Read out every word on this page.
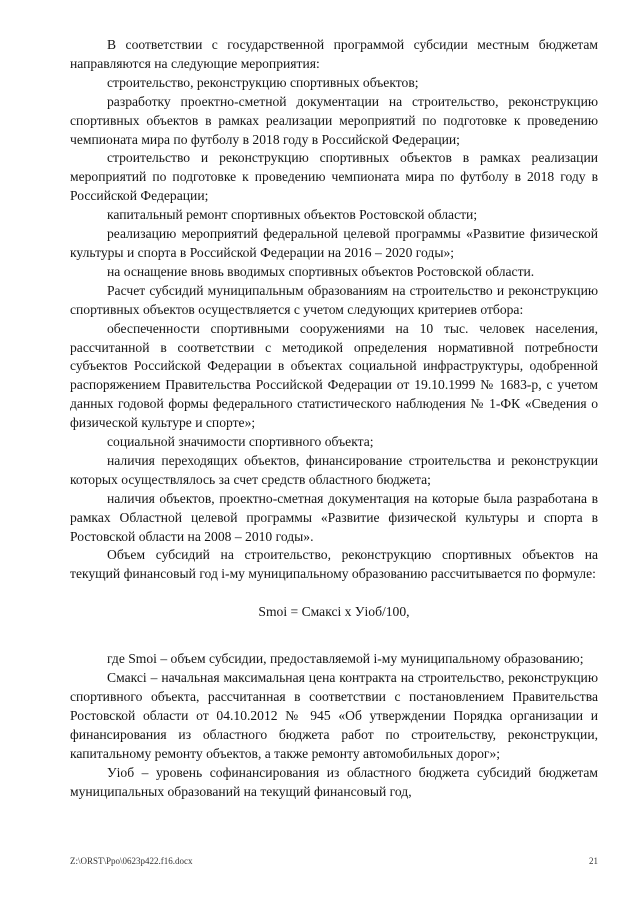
В соответствии с государственной программой субсидии местным бюджетам направляются на следующие мероприятия:

строительство, реконструкцию спортивных объектов;

разработку проектно-сметной документации на строительство, реконструкцию спортивных объектов в рамках реализации мероприятий по подготовке к проведению чемпионата мира по футболу в 2018 году в Российской Федерации;

строительство и реконструкцию спортивных объектов в рамках реализации мероприятий по подготовке к проведению чемпионата мира по футболу в 2018 году в Российской Федерации;

капитальный ремонт спортивных объектов Ростовской области;

реализацию мероприятий федеральной целевой программы «Развитие физической культуры и спорта в Российской Федерации на 2016 – 2020 годы»;

на оснащение вновь вводимых спортивных объектов Ростовской области.

Расчет субсидий муниципальным образованиям на строительство и реконструкцию спортивных объектов осуществляется с учетом следующих критериев отбора:

обеспеченности спортивными сооружениями на 10 тыс. человек населения, рассчитанной в соответствии с методикой определения нормативной потребности субъектов Российской Федерации в объектах социальной инфраструктуры, одобренной распоряжением Правительства Российской Федерации от 19.10.1999 № 1683-р, с учетом данных годовой формы федерального статистического наблюдения № 1-ФК «Сведения о физической культуре и спорте»;

социальной значимости спортивного объекта;

наличия переходящих объектов, финансирование строительства и реконструкции которых осуществлялось за счет средств областного бюджета;

наличия объектов, проектно-сметная документация на которые была разработана в рамках Областной целевой программы «Развитие физической культуры и спорта в Ростовской области на 2008 – 2010 годы».

Объем субсидий на строительство, реконструкцию спортивных объектов на текущий финансовый год i-му муниципальному образованию рассчитывается по формуле:

Smoi = Cмаксi x Уioб/100,

где Smoi – объем субсидии, предоставляемой i-му муниципальному образованию;

Cмаксi – начальная максимальная цена контракта на строительство, реконструкцию спортивного объекта, рассчитанная в соответствии с постановлением Правительства Ростовской области от 04.10.2012 № 945 «Об утверждении Порядка организации и финансирования из областного бюджета работ по строительству, реконструкции, капитальному ремонту объектов, а также ремонту автомобильных дорог»;

Уioб – уровень софинансирования из областного бюджета субсидий бюджетам муниципальных образований на текущий финансовый год,

Z:\ORST\Ppo\0623p422.f16.docx	21
